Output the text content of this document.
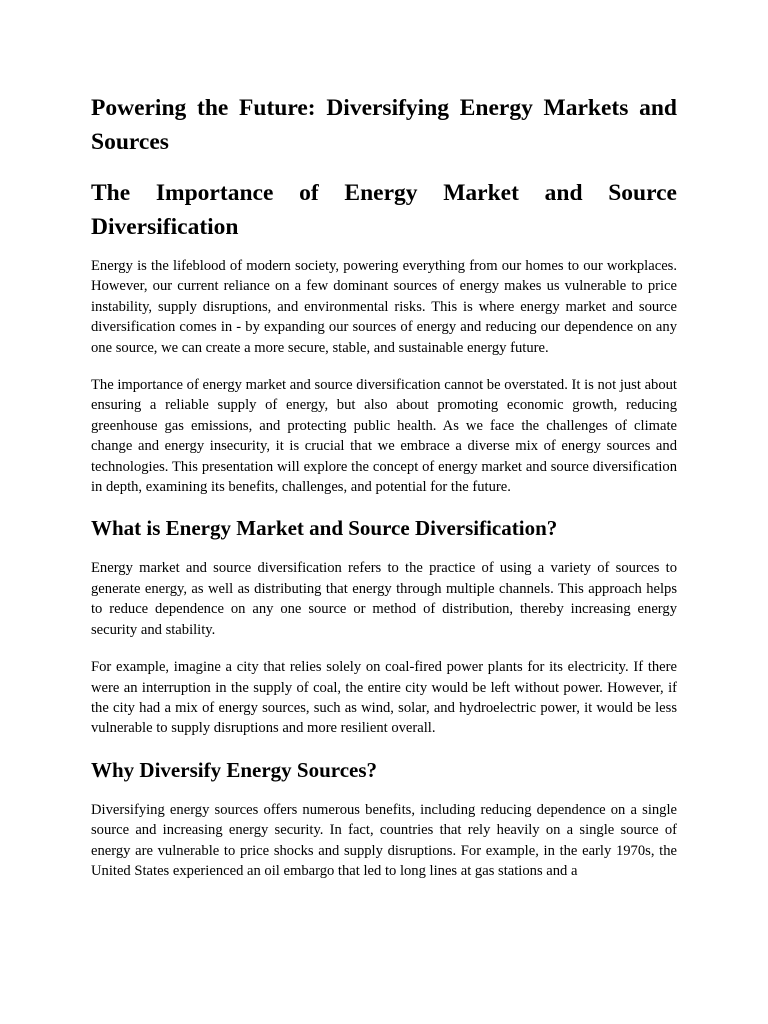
Powering the Future: Diversifying Energy Markets and Sources
The Importance of Energy Market and Source Diversification

Energy is the lifeblood of modern society, powering everything from our homes to our workplaces. However, our current reliance on a few dominant sources of energy makes us vulnerable to price instability, supply disruptions, and environmental risks. This is where energy market and source diversification comes in - by expanding our sources of energy and reducing our dependence on any one source, we can create a more secure, stable, and sustainable energy future.

The importance of energy market and source diversification cannot be overstated. It is not just about ensuring a reliable supply of energy, but also about promoting economic growth, reducing greenhouse gas emissions, and protecting public health. As we face the challenges of climate change and energy insecurity, it is crucial that we embrace a diverse mix of energy sources and technologies. This presentation will explore the concept of energy market and source diversification in depth, examining its benefits, challenges, and potential for the future.

What is Energy Market and Source Diversification?

Energy market and source diversification refers to the practice of using a variety of sources to generate energy, as well as distributing that energy through multiple channels. This approach helps to reduce dependence on any one source or method of distribution, thereby increasing energy security and stability.

For example, imagine a city that relies solely on coal-fired power plants for its electricity. If there were an interruption in the supply of coal, the entire city would be left without power. However, if the city had a mix of energy sources, such as wind, solar, and hydroelectric power, it would be less vulnerable to supply disruptions and more resilient overall.

Why Diversify Energy Sources?

Diversifying energy sources offers numerous benefits, including reducing dependence on a single source and increasing energy security. In fact, countries that rely heavily on a single source of energy are vulnerable to price shocks and supply disruptions. For example, in the early 1970s, the United States experienced an oil embargo that led to long lines at gas stations and a
